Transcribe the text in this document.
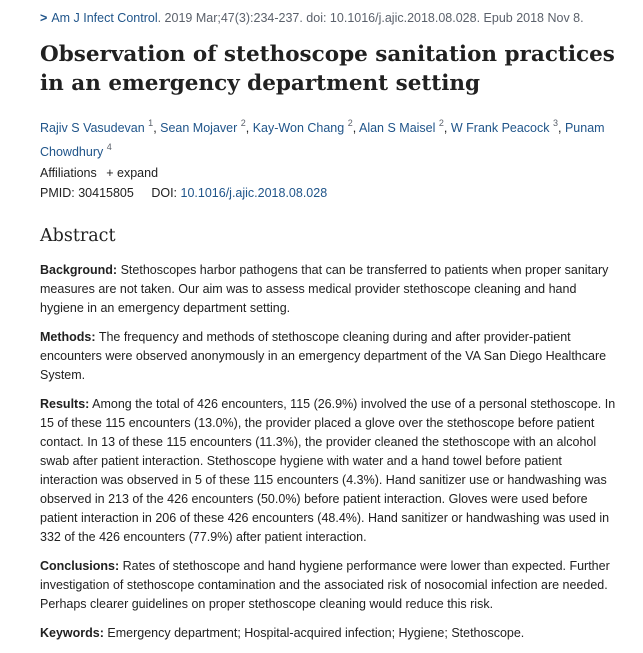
> Am J Infect Control. 2019 Mar;47(3):234-237. doi: 10.1016/j.ajic.2018.08.028. Epub 2018 Nov 8.
Observation of stethoscope sanitation practices in an emergency department setting
Rajiv S Vasudevan $^1$, Sean Mojaver $^2$, Kay-Won Chang $^2$, Alan S Maisel $^2$, W Frank Peacock $^3$, Punam Chowdhury $^4$
Affiliations + expand
PMID: 30415805 DOI: 10.1016/j.ajic.2018.08.028
Abstract

Background: Stethoscopes harbor pathogens that can be transferred to patients when proper sanitary measures are not taken. Our aim was to assess medical provider stethoscope cleaning and hand hygiene in an emergency department setting.

Methods: The frequency and methods of stethoscope cleaning during and after provider-patient encounters were observed anonymously in an emergency department of the VA San Diego Healthcare System.

Results: Among the total of 426 encounters, 115 (26.9%) involved the use of a personal stethoscope. In 15 of these 115 encounters (13.0%), the provider placed a glove over the stethoscope before patient contact. In 13 of these 115 encounters (11.3%), the provider cleaned the stethoscope with an alcohol swab after patient interaction. Stethoscope hygiene with water and a hand towel before patient interaction was observed in 5 of these 115 encounters (4.3%). Hand sanitizer use or handwashing was observed in 213 of the 426 encounters (50.0%) before patient interaction. Gloves were used before patient interaction in 206 of these 426 encounters (48.4%). Hand sanitizer or handwashing was used in 332 of the 426 encounters (77.9%) after patient interaction.

Conclusions: Rates of stethoscope and hand hygiene performance were lower than expected. Further investigation of stethoscope contamination and the associated risk of nosocomial infection are needed. Perhaps clearer guidelines on proper stethoscope cleaning would reduce this risk.

Keywords: Emergency department; Hospital-acquired infection; Hygiene; Stethoscope.
